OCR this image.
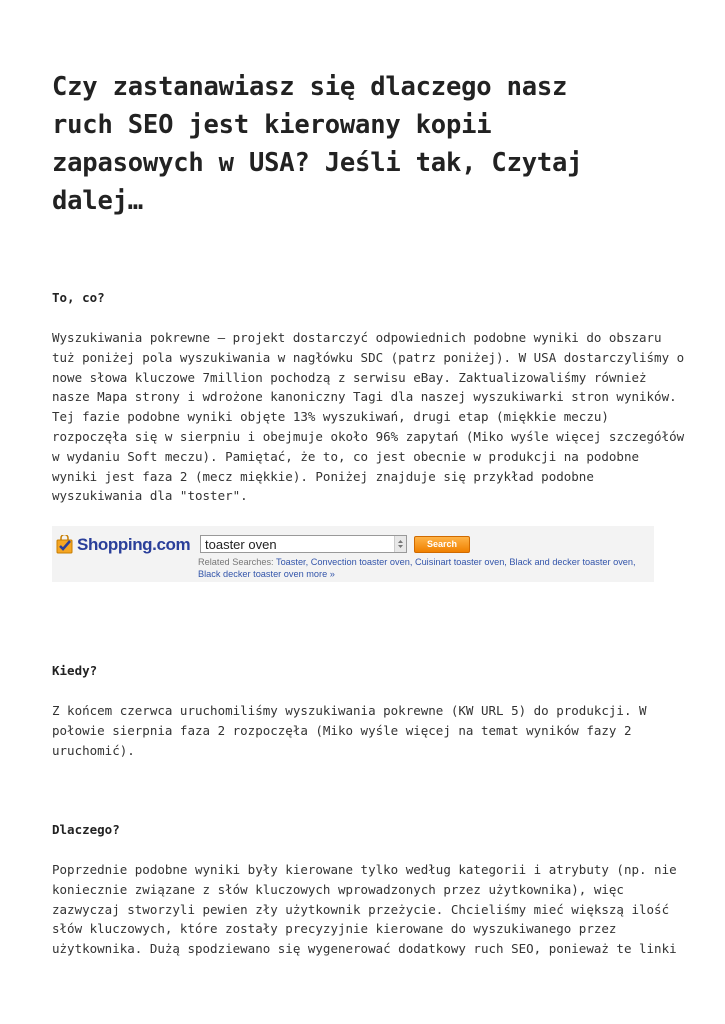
Czy zastanawiasz się dlaczego nasz
ruch SEO jest kierowany kopii
zapasowych w USA? Jeśli tak, Czytaj
dalej…

To, co?

Wyszukiwania pokrewne – projekt dostarczyć odpowiednich podobne wyniki do obszaru
tuż poniżej pola wyszukiwania w nagłówku SDC (patrz poniżej). W USA dostarczyliśmy o
nowe słowa kluczowe 7million pochodzą z serwisu eBay. Zaktualizowaliśmy również
nasze Mapa strony i wdrożone kanoniczny Tagi dla naszej wyszukiwarki stron wyników.
Tej fazie podobne wyniki objęte 13% wyszukiwań, drugi etap (miękkie meczu)
rozpoczęła się w sierpniu i obejmuje około 96% zapytań (Miko wyśle więcej szczegółów
w wydaniu Soft meczu). Pamiętać, że to, co jest obecnie w produkcji na podobne
wyniki jest faza 2 (mecz miękkie). Poniżej znajduje się przykład podobne
wyszukiwania dla "toster".
Shopping.com toaster oven	Search
Related Searches: Toaster, Convection toaster oven, Cuisinart toaster oven, Black and decker toaster oven,
Black decker toaster oven more »

Kiedy?

Z końcem czerwca uruchomiliśmy wyszukiwania pokrewne (KW URL 5) do produkcji. W
połowie sierpnia faza 2 rozpoczęła (Miko wyśle więcej na temat wyników fazy 2
uruchomić).

Dlaczego?

Poprzednie podobne wyniki były kierowane tylko według kategorii i atrybuty (np. nie
koniecznie związane z słów kluczowych wprowadzonych przez użytkownika), więc
zazwyczaj stworzyli pewien zły użytkownik przeżycie. Chcieliśmy mieć większą ilość
słów kluczowych, które zostały precyzyjnie kierowane do wyszukiwanego przez
użytkownika. Dużą spodziewano się wygenerować dodatkowy ruch SEO, ponieważ te linki
